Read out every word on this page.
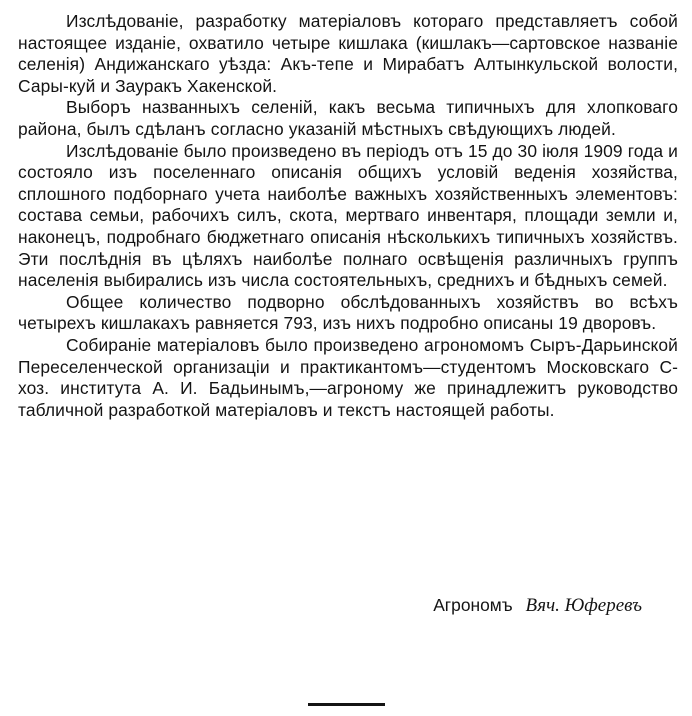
Изслѣдованіе, разработку матеріаловъ котораго представляетъ собой настоящее изданіе, охватило четыре кишлака (кишлакъ—сартовское названіе селенія) Андижанскаго уѣзда: Акъ-тепе и Мирабатъ Алтынкульской волости, Сары-куй и Зауракъ Хакенской.

Выборъ названныхъ селеній, какъ весьма типичныхъ для хлопковаго района, былъ сдѣланъ согласно указаній мѣстныхъ свѣдующихъ людей.

Изслѣдованіе было произведено въ періодъ отъ 15 до 30 іюля 1909 года и состояло изъ поселеннаго описанія общихъ условій веденія хозяйства, сплошного подборнаго учета наиболѣе важныхъ хозяйственныхъ элементовъ: состава семьи, рабочихъ силъ, скота, мертваго инвентаря, площади земли и, наконецъ, подробнаго бюджетнаго описанія нѣсколькихъ типичныхъ хозяйствъ. Эти послѣднія въ цѣляхъ наиболѣе полнаго освѣщенія различныхъ группъ населенія выбирались изъ числа состоятельныхъ, среднихъ и бѣдныхъ семей.

Общее количество подворно обслѣдованныхъ хозяйствъ во всѣхъ четырехъ кишлакахъ равняется 793, изъ нихъ подробно описаны 19 дворовъ.

Собираніе матеріаловъ было произведено агрономомъ Сыръ-Дарьинской Переселенческой организаціи и практикантомъ—студентомъ Московскаго С-хоз. института А. И. Бадьинымъ,—агроному же принадлежитъ руководство табличной разработкой матеріаловъ и текстъ настоящей работы.

Агрономъ Вяч. Юферевъ
